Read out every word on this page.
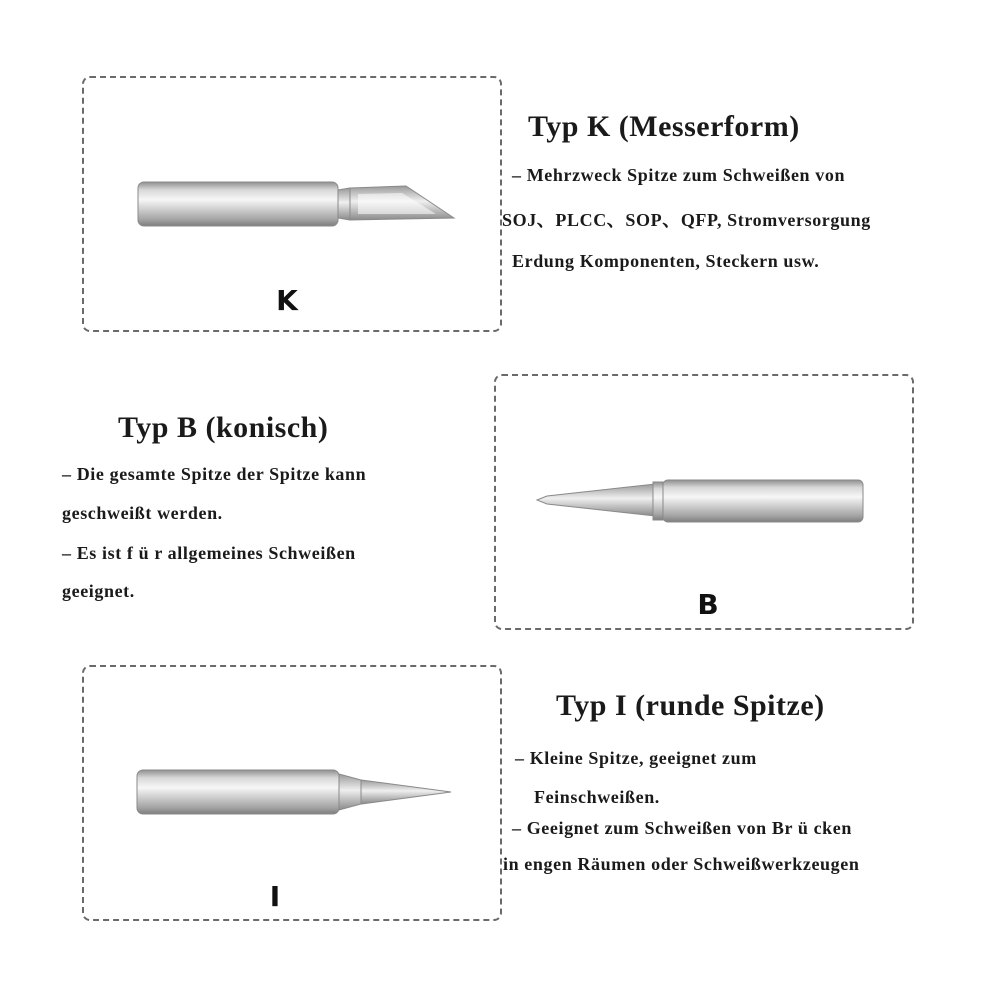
K
Typ K (Messerform)
– Mehrzweck Spitze zum Schweißen von
SOJ、PLCC、SOP、QFP, Stromversorgung
Erdung Komponenten, Steckern usw.
B
Typ B (konisch)
– Die gesamte Spitze der Spitze kann
geschweißt werden.
– Es ist f ü r allgemeines Schweißen
geeignet.
I
Typ I (runde Spitze)
– Kleine Spitze, geeignet zum
Feinschweißen.
– Geeignet zum Schweißen von Br ü cken
in engen Räumen oder Schweißwerkzeugen
